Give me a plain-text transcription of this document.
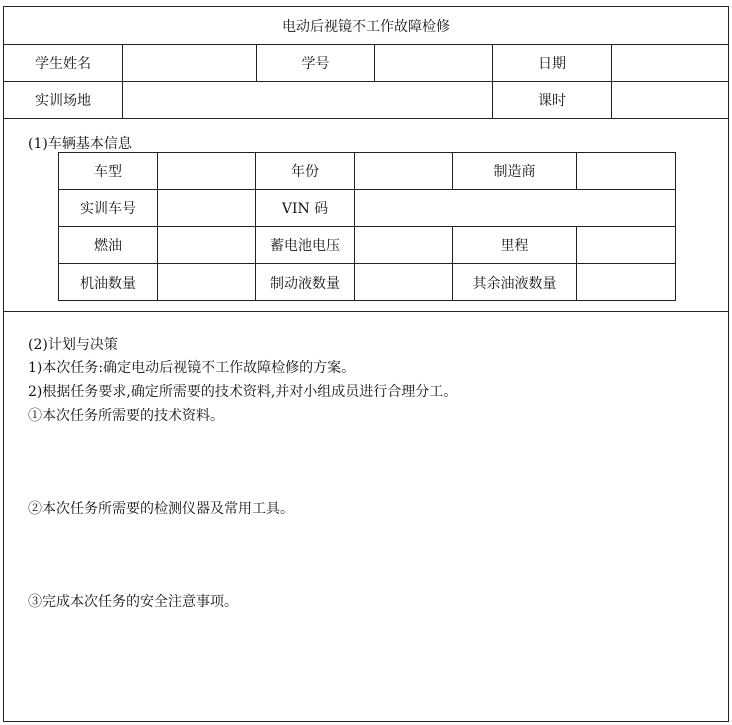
电动后视镜不工作故障检修
学生姓名	学号	日期
实训场地	课时
(1)车辆基本信息
车型	年份	制造商
实训车号	VIN 码
燃油	蓄电池电压	里程
机油数量	制动液数量	其余油液数量
(2)计划与决策
1)本次任务:确定电动后视镜不工作故障检修的方案。
2)根据任务要求,确定所需要的技术资料,并对小组成员进行合理分工。
①本次任务所需要的技术资料。
②本次任务所需要的检测仪器及常用工具。
③完成本次任务的安全注意事项。
